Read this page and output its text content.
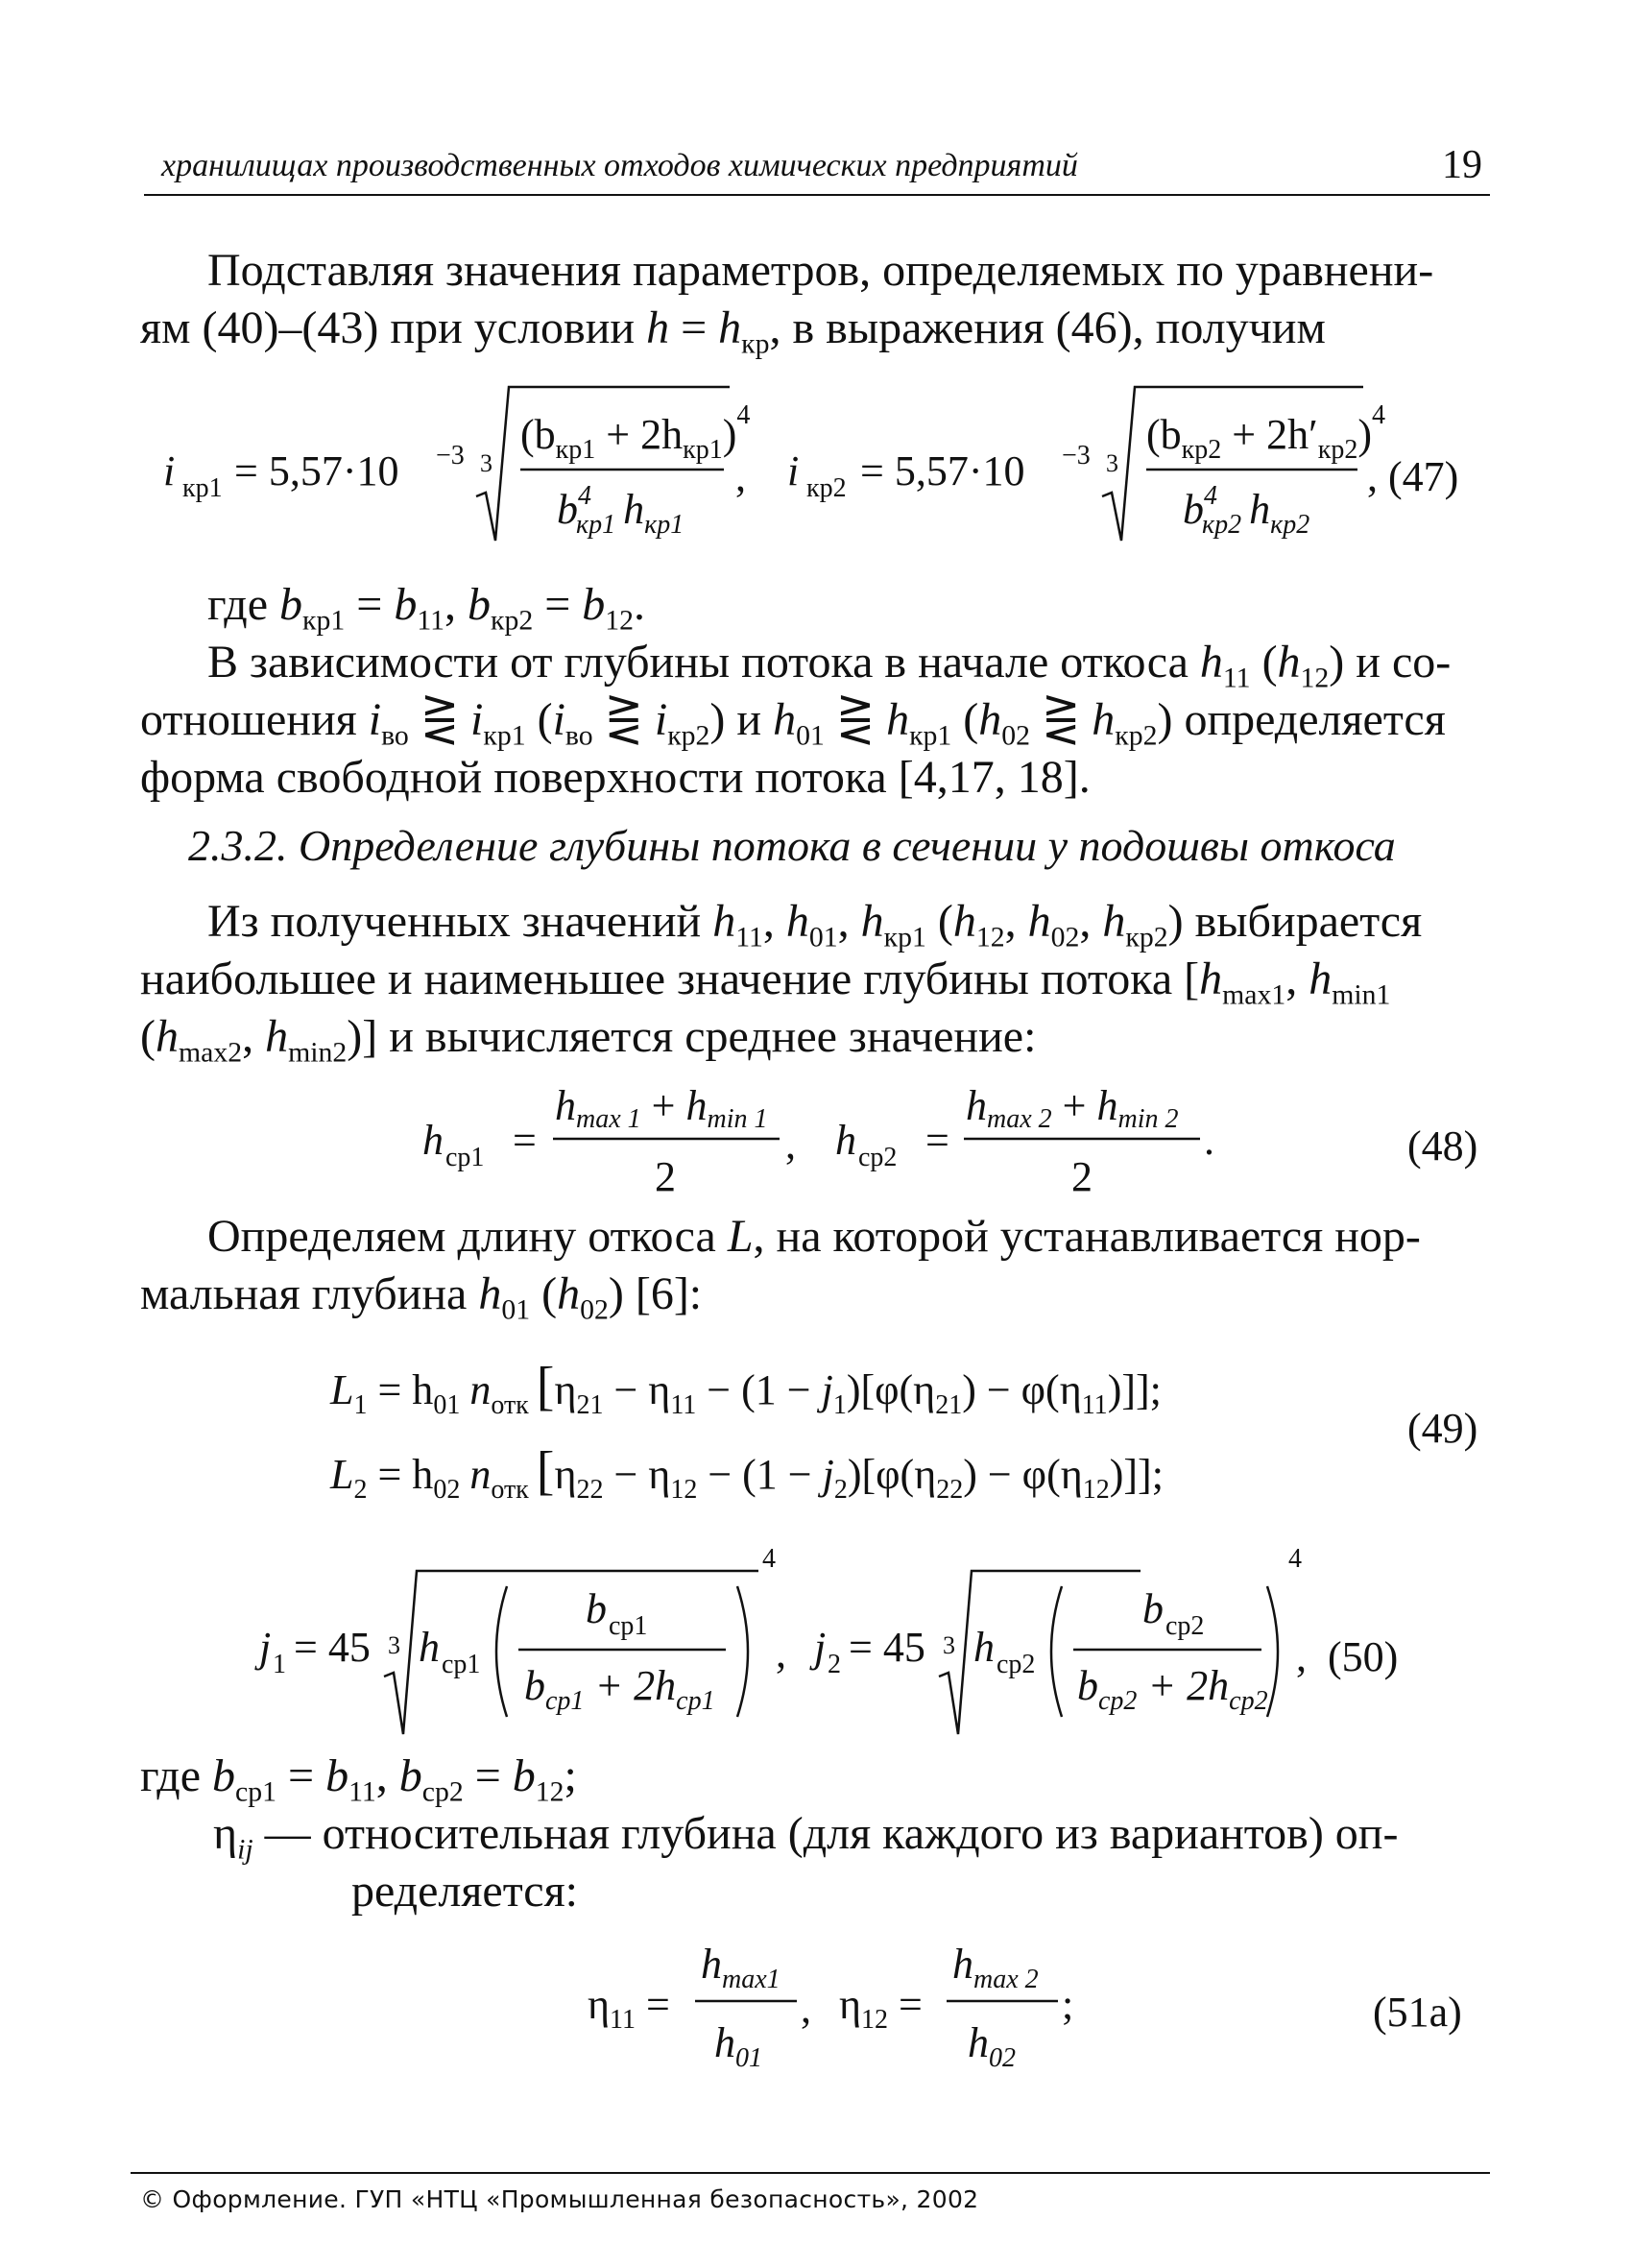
хранилищах производственных отходов химических предприятий	19

Подставляя значения параметров, определяемых по уравнени-
ям (40)–(43) при условии $h = h_{кр}$, в выражения (46), получим

i кр1 = 5,57·10 −3 3
$(b_{кр1} + 2h_{кр1})^4$
$b^4$ кр1 $h_{кр1}$
, i кр2 = 5,57·10 −3 3
$(b_{кр2} + 2h'_{кр2})^4$
$b^4$ кр2 $h_{кр2}$
, (47)

где $b_{кр1} = b_{11}$, $b_{кр2} = b_{12}$.

В зависимости от глубины потока в начале откоса $h_{11}$ $(h_{12})$ и со-
отношения $i_{во}$ ⋛ $i_{кр1}$ ($i_{во}$ ⋛ $i_{кр2}$) и $h_{01}$ ⋛ $h_{кр1}$ ($h_{02}$ ⋛ $h_{кр2}$) определяется
форма свободной поверхности потока [4,17, 18].

2.3.2. Определение глубины потока в сечении у подошвы откоса

Из полученных значений $h_{11}$, $h_{01}$, $h_{кр1}$ ($h_{12}$, $h_{02}$, $h_{кр2}$) выбирается
наибольшее и наименьшее значение глубины потока [$h_{max1}$, $h_{min1}$
($h_{max2}$, $h_{min2}$)] и вычисляется среднее значение:

h ср1 =
hmax 1 + hmin 1
2
, h ср2 =
hmax 2 + hmin 2
2
.	(48)

Определяем длину откоса L, на которой устанавливается нор-
мальная глубина $h_{01}$ $(h_{02})$ [6]:

$L_1 = h_{01}$ $n_{отк}$ $[\eta_{21} - \eta_{11} - (1 - j_1)[\varphi(\eta_{21}) - \varphi(\eta_{11})]]$;
$L_2 = h_{02}$ $n_{отк}$ $[\eta_{22} - \eta_{12} - (1 - j_2)[\varphi(\eta_{22}) - \varphi(\eta_{12})]]$;
(49)
j 1 = 45 3 h ср1
b ср1
$b_{ср1} + 2h_{ср1}$
4
, j 2 = 45 3 h ср2
b ср2
$b_{ср2} + 2h_{ср2}$
4
, (50)

где $b_{ср1} = b_{11}$, $b_{ср2} = b_{12}$;

$\eta_{ij}$ — относительная глубина (для каждого из вариантов) оп-
ределяется:

$\eta_{11}$ =
$h_{max1}$
$h_{01}$
, $\eta_{12}$ =
$h_{max 2}$
$h_{02}$
;	(51a)
© Оформление. ГУП «НТЦ «Промышленная безопасность», 2002
